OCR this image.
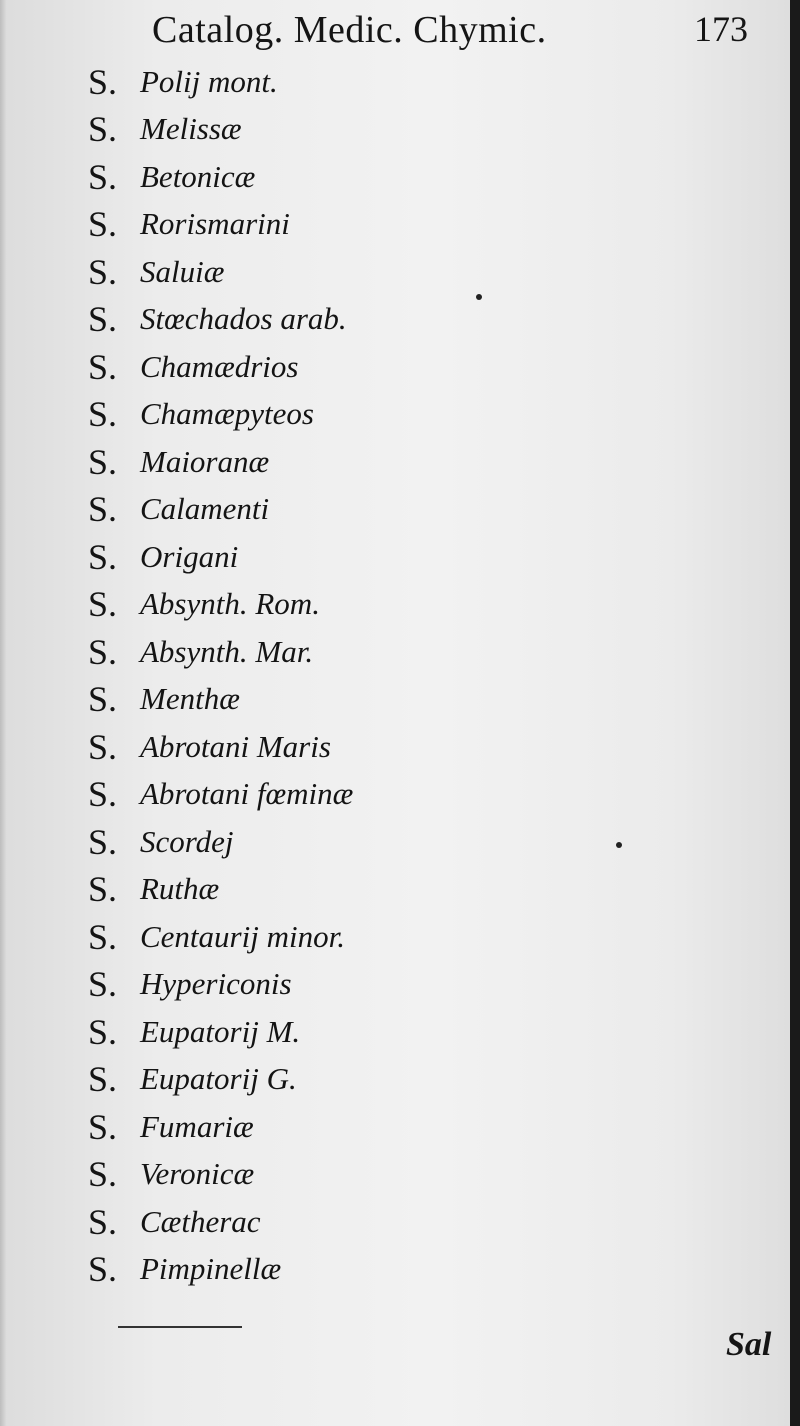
Catalog. Medic. Chymic.	173
S. Polij mont.
S. Melissæ
S. Betonicæ
S. Rorismarini
S. Saluiæ
S. Stœchados arab.
S. Chamædrios
S. Chamæpyteos
S. Maioranæ
S. Calamenti
S. Origani
S. Absynth. Rom.
S. Absynth. Mar.
S. Menthæ
S. Abrotani Maris
S. Abrotani fœminæ
S. Scordej
S. Ruthæ
S. Centaurij minor.
S. Hypericonis
S. Eupatorij M.
S. Eupatorij G.
S. Fumariæ
S. Veronicæ
S. Cætherac
S. Pimpinellæ
Sal
